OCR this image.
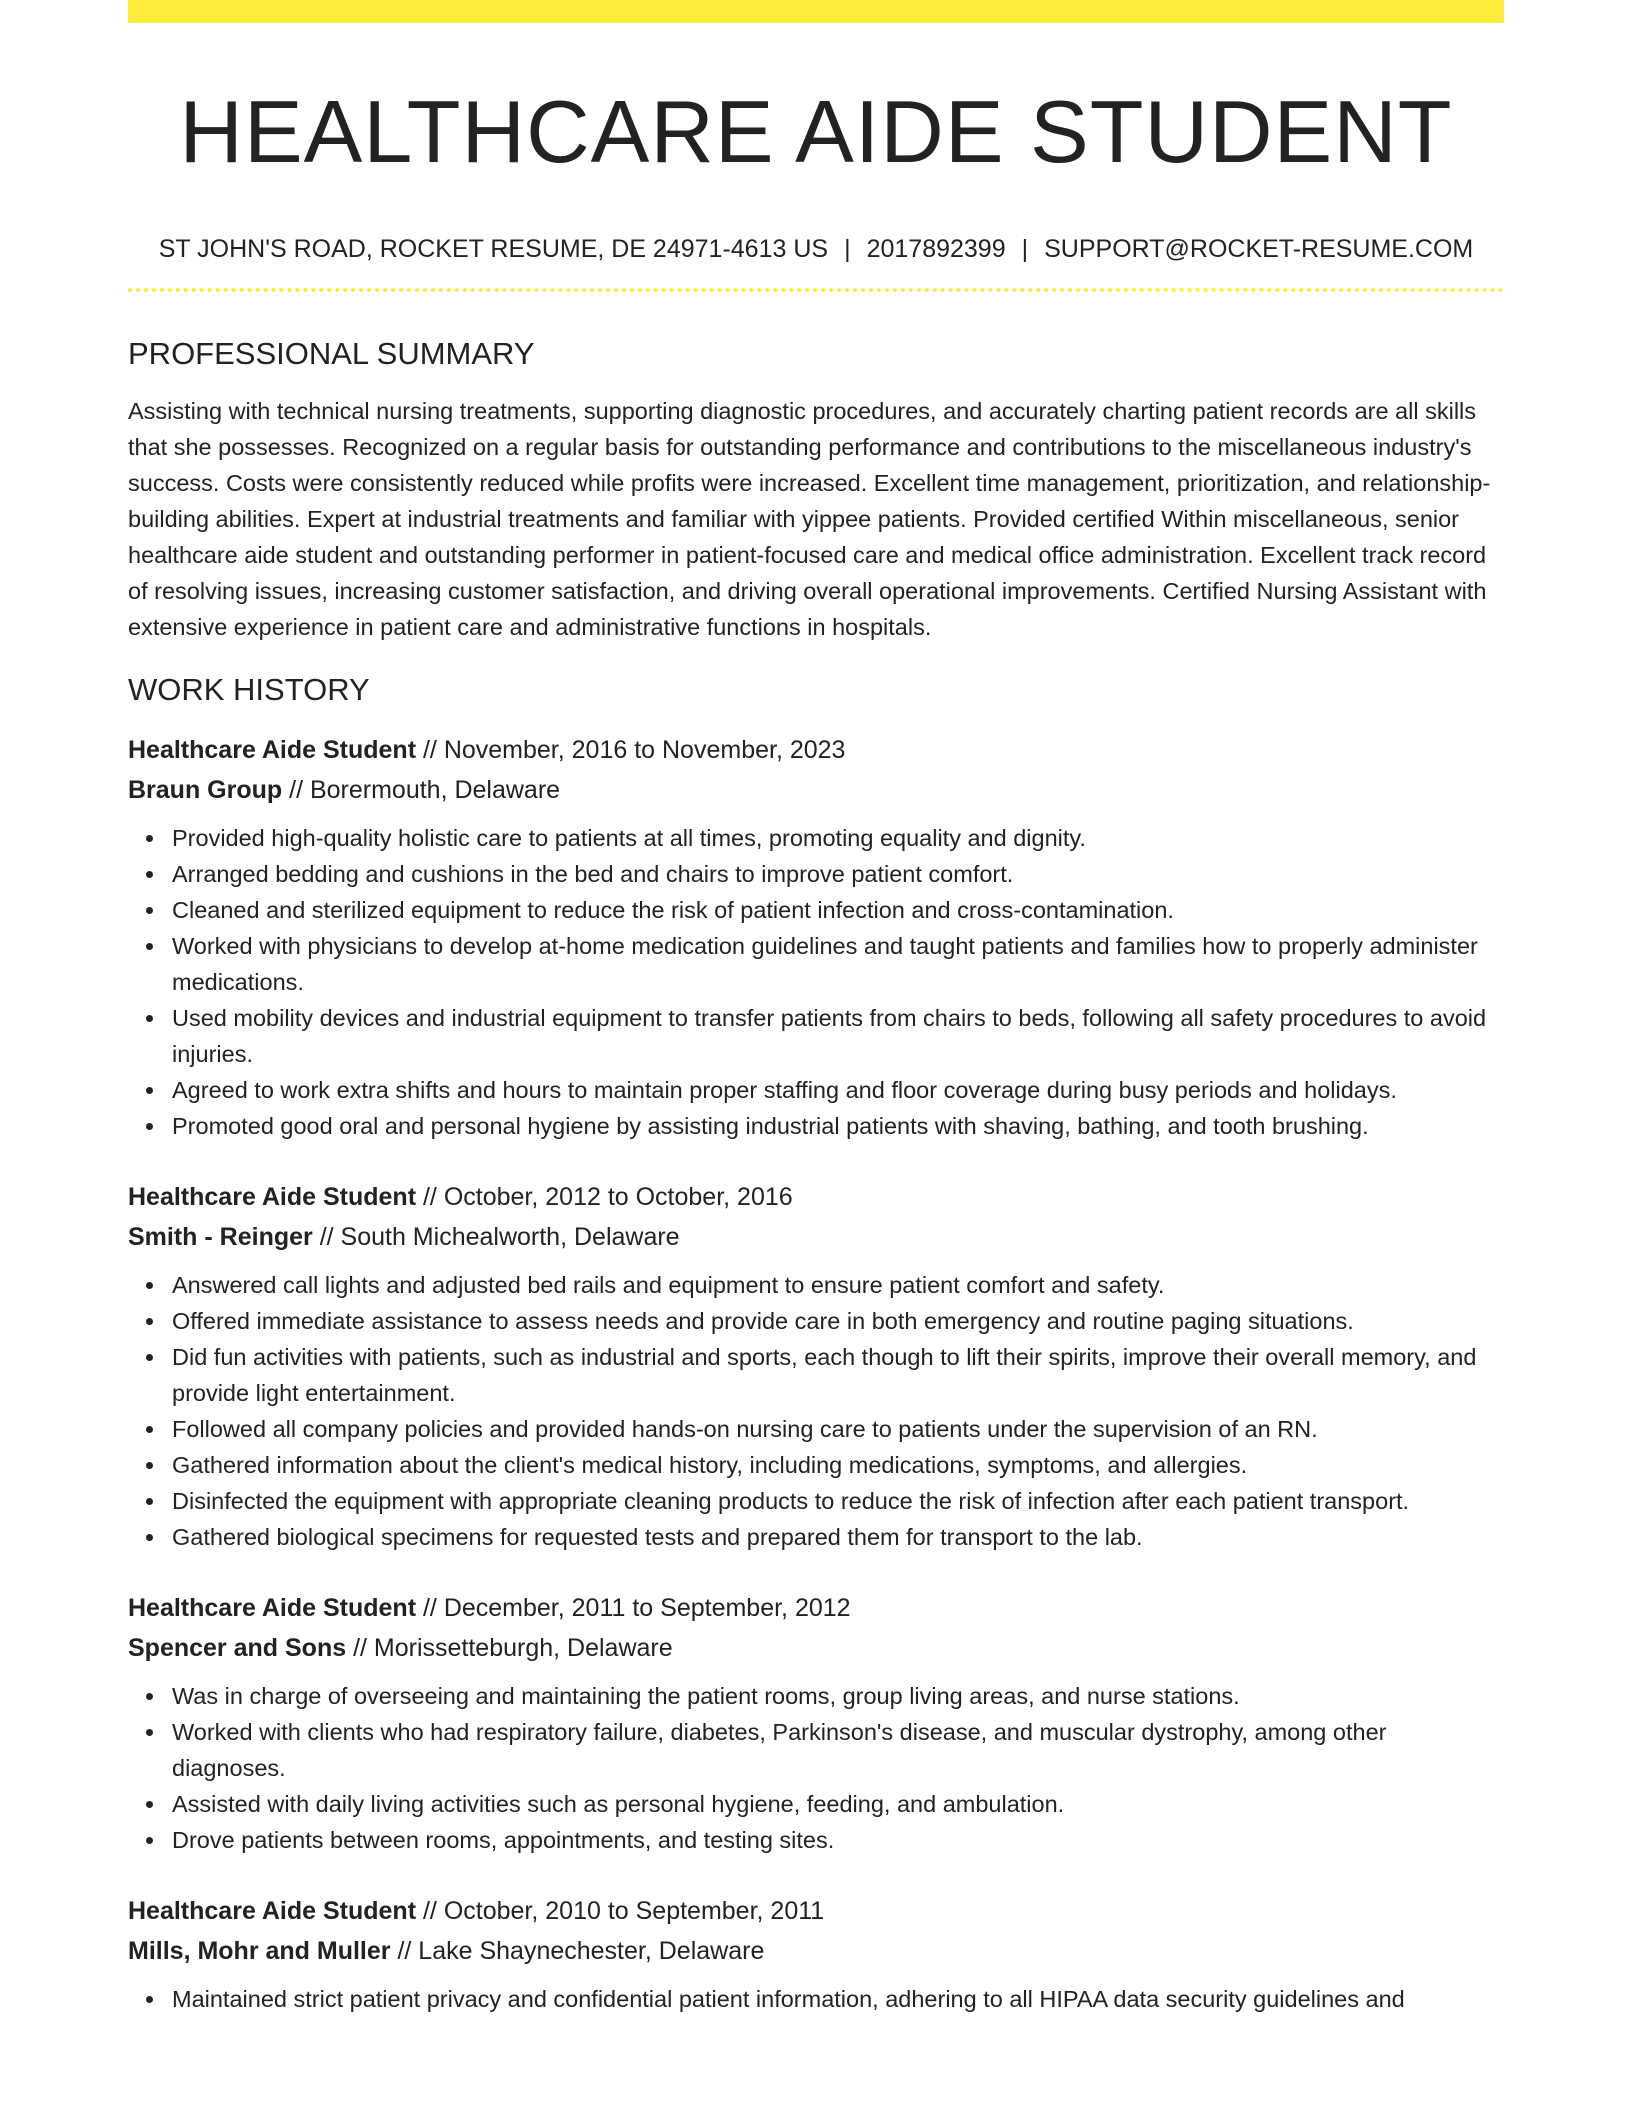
HEALTHCARE AIDE STUDENT
ST JOHN'S ROAD, ROCKET RESUME, DE 24971-4613 US | 2017892399 | SUPPORT@ROCKET-RESUME.COM
PROFESSIONAL SUMMARY

Assisting with technical nursing treatments, supporting diagnostic procedures, and accurately charting patient records are all skills that she possesses. Recognized on a regular basis for outstanding performance and contributions to the miscellaneous industry's success. Costs were consistently reduced while profits were increased. Excellent time management, prioritization, and relationship-building abilities. Expert at industrial treatments and familiar with yippee patients. Provided certified Within miscellaneous, senior healthcare aide student and outstanding performer in patient-focused care and medical office administration. Excellent track record of resolving issues, increasing customer satisfaction, and driving overall operational improvements. Certified Nursing Assistant with extensive experience in patient care and administrative functions in hospitals.

WORK HISTORY
Healthcare Aide Student // November, 2016 to November, 2023
Braun Group // Borermouth, Delaware
Provided high-quality holistic care to patients at all times, promoting equality and dignity.
Arranged bedding and cushions in the bed and chairs to improve patient comfort.
Cleaned and sterilized equipment to reduce the risk of patient infection and cross-contamination.
Worked with physicians to develop at-home medication guidelines and taught patients and families how to properly administer medications.
Used mobility devices and industrial equipment to transfer patients from chairs to beds, following all safety procedures to avoid injuries.
Agreed to work extra shifts and hours to maintain proper staffing and floor coverage during busy periods and holidays.
Promoted good oral and personal hygiene by assisting industrial patients with shaving, bathing, and tooth brushing.
Healthcare Aide Student // October, 2012 to October, 2016
Smith - Reinger // South Michealworth, Delaware
Answered call lights and adjusted bed rails and equipment to ensure patient comfort and safety.
Offered immediate assistance to assess needs and provide care in both emergency and routine paging situations.
Did fun activities with patients, such as industrial and sports, each though to lift their spirits, improve their overall memory, and provide light entertainment.
Followed all company policies and provided hands-on nursing care to patients under the supervision of an RN.
Gathered information about the client's medical history, including medications, symptoms, and allergies.
Disinfected the equipment with appropriate cleaning products to reduce the risk of infection after each patient transport.
Gathered biological specimens for requested tests and prepared them for transport to the lab.
Healthcare Aide Student // December, 2011 to September, 2012
Spencer and Sons // Morissetteburgh, Delaware
Was in charge of overseeing and maintaining the patient rooms, group living areas, and nurse stations.
Worked with clients who had respiratory failure, diabetes, Parkinson's disease, and muscular dystrophy, among other diagnoses.
Assisted with daily living activities such as personal hygiene, feeding, and ambulation.
Drove patients between rooms, appointments, and testing sites.
Healthcare Aide Student // October, 2010 to September, 2011
Mills, Mohr and Muller // Lake Shaynechester, Delaware
Maintained strict patient privacy and confidential patient information, adhering to all HIPAA data security guidelines and
